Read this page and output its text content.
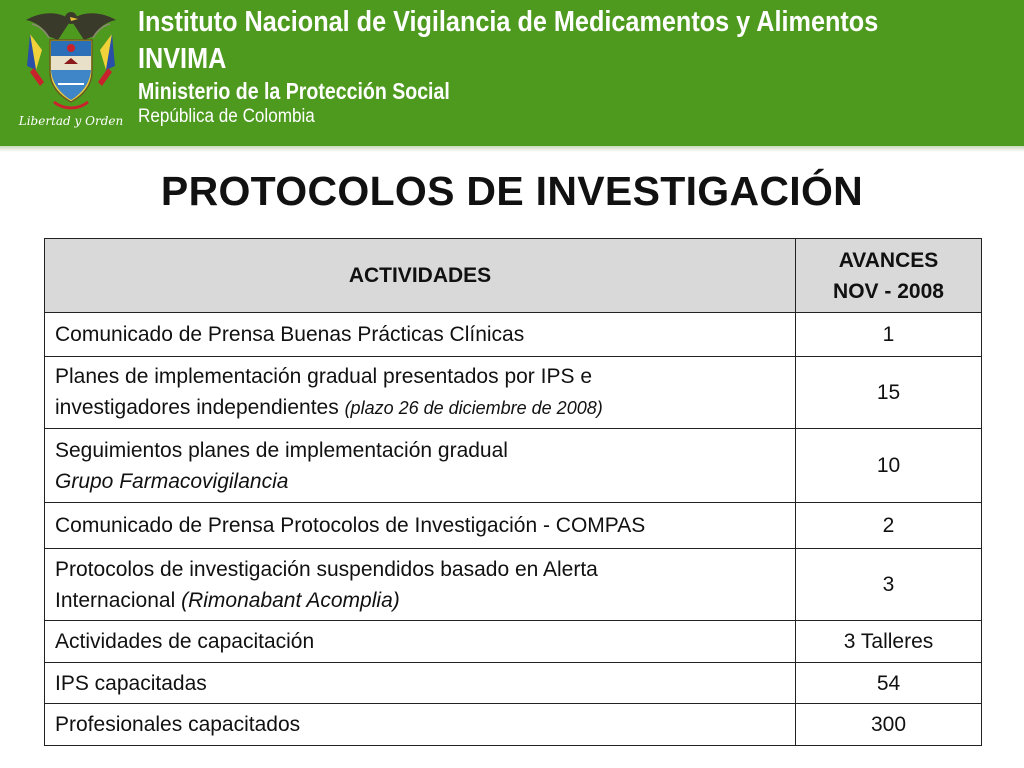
Libertad y Orden
Instituto Nacional de Vigilancia de Medicamentos y Alimentos
INVIMA
Ministerio de la Protección Social
República de Colombia
PROTOCOLOS DE INVESTIGACIÓN
ACTIVIDADES	AVANCES
NOV - 2008

Comunicado de Prensa Buenas Prácticas Clínicas	1

Planes de implementación gradual presentados por IPS e
investigadores independientes (plazo 26 de diciembre de 2008)	15

Seguimientos planes de implementación gradual
Grupo Farmacovigilancia	10
Comunicado de Prensa Protocolos de Investigación - COMPAS	2

Protocolos de investigación suspendidos basado en Alerta
Internacional (Rimonabant Acomplia)	3
Actividades de capacitación	3 Talleres
IPS capacitadas	54
Profesionales capacitados	300
